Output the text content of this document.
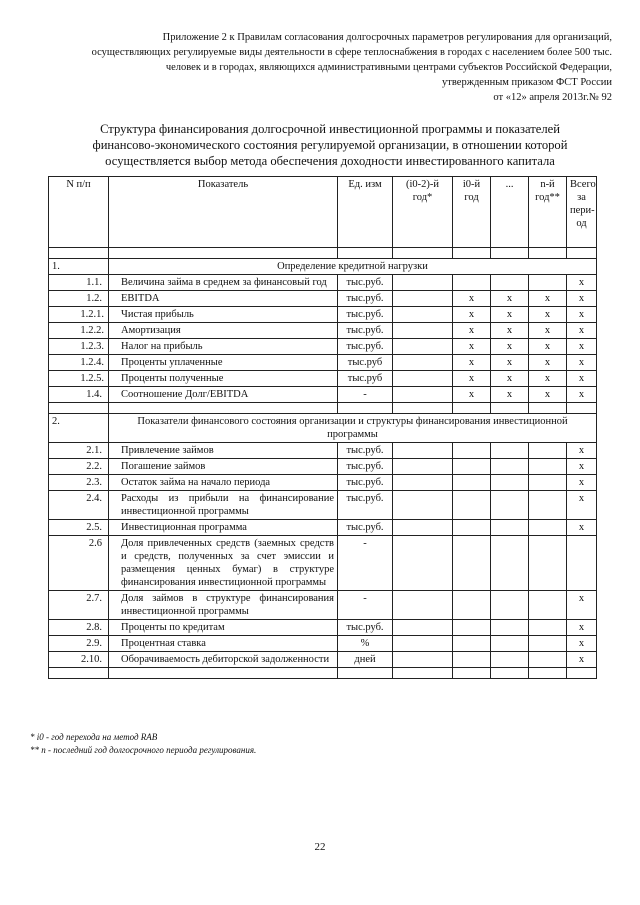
Приложение 2 к Правилам согласования долгосрочных параметров регулирования для организаций,
осуществляющих регулируемые виды деятельности в сфере теплоснабжения в городах с населением более 500 тыс.
человек и в городах, являющихся административными центрами субъектов Российской Федерации,
утвержденным приказом ФСТ России
от «12» апреля 2013г.№ 92
Структура финансирования долгосрочной инвестиционной программы и показателей
финансово-экономического состояния регулируемой организации, в отношении которой
осуществляется выбор метода обеспечения доходности инвестированного капитала
N п/п	Показатель	Ед. изм	(i0-2)-й год*	i0-й год	...	n-й год**	Всего за пери- од

1.	Определение кредитной нагрузки						
1.1.	Величина займа в среднем за финансовый год	тыс.руб.					x
1.2.	EBITDA	тыс.руб.		x	x	x	x
1.2.1.	Чистая прибыль	тыс.руб.		x	x	x	x
1.2.2.	Амортизация	тыс.руб.		x	x	x	x
1.2.3.	Налог на прибыль	тыс.руб.		x	x	x	x
1.2.4.	Проценты уплаченные	тыс.руб		x	x	x	x
1.2.5.	Проценты полученные	тыс.руб		x	x	x	x
1.4.	Соотношение Долг/EBITDA	-		x	x	x	x

2.	Показатели финансового состояния организации и структуры финансирования инвестиционной программы						
2.1.	Привлечение займов	тыс.руб.					x
2.2.	Погашение займов	тыс.руб.					x
2.3.	Остаток займа на начало периода	тыс.руб.					x
2.4.	Расходы из прибыли на финансирование инвестиционной программы	тыс.руб.					x
2.5.	Инвестиционная программа	тыс.руб.					x
2.6	Доля привлеченных средств (заемных средств и средств, полученных за счет эмиссии и размещения ценных бумаг) в структуре финансирования инвестиционной программы	-					
2.7.	Доля займов в структуре финансирования инвестиционной программы	-					x
2.8.	Проценты по кредитам	тыс.руб.					x
2.9.	Процентная ставка	%					x
2.10.	Оборачиваемость дебиторской задолженности	дней					x

* i0 - год перехода на метод RAB
** n - последний год долгосрочного периода регулирования.
22
